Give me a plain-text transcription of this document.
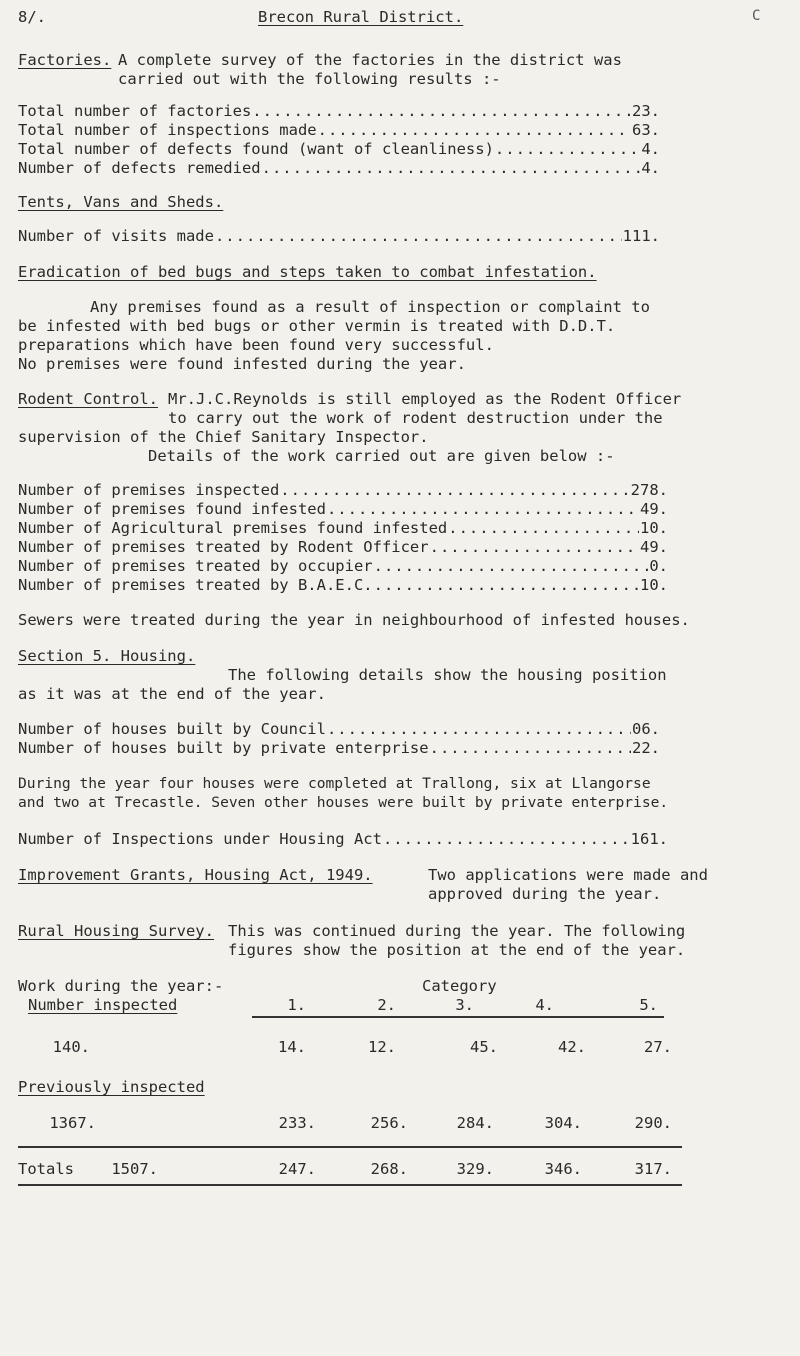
8/.	Brecon Rural District.	C
Factories. A complete survey of the factories in the district was
carried out with the following results :-
Total number of factories .....	23.
Total number of inspections made .....	63.
Total number of defects found (want of cleanliness) .....	4.
Number of defects remedied .....	4.
Tents, Vans and Sheds.
Number of visits made .....	111.
Eradication of bed bugs and steps taken to combat infestation.
Any premises found as a result of inspection or complaint to
be infested with bed bugs or other vermin is treated with D.D.T.
preparations which have been found very successful.
No premises were found infested during the year.
Rodent Control. Mr.J.C.Reynolds is still employed as the Rodent Officer
to carry out the work of rodent destruction under the
supervision of the Chief Sanitary Inspector.
Details of the work carried out are given below :-
Number of premises inspected .....	278.
Number of premises found infested .....	49.
Number of Agricultural premises found infested .....	10.
Number of premises treated by Rodent Officer .....	49.
Number of premises treated by occupier .....	0.
Number of premises treated by B.A.E.C. .....	10.
Sewers were treated during the year in neighbourhood of infested houses.
Section 5. Housing.
The following details show the housing position
as it was at the end of the year.
Number of houses built by Council .....	06.
Number of houses built by private enterprise .....	22.
During the year four houses were completed at Trallong, six at Llangorse
and two at Trecastle. Seven other houses were built by private enterprise.
Number of Inspections under Housing Act .....	161.
Improvement Grants, Housing Act, 1949.	Two applications were made and
approved during the year.
Rural Housing Survey. This was continued during the year. The following
figures show the position at the end of the year.
Work during the year:-
Number inspected
Category
1.	2.	3.	4.	5.
140.	14.	12.	45.	42.	27.
Previously inspected
1367.	233.	256.	284.	304.	290.
Totals	1507.	247.	268.	329.	346.	317.
